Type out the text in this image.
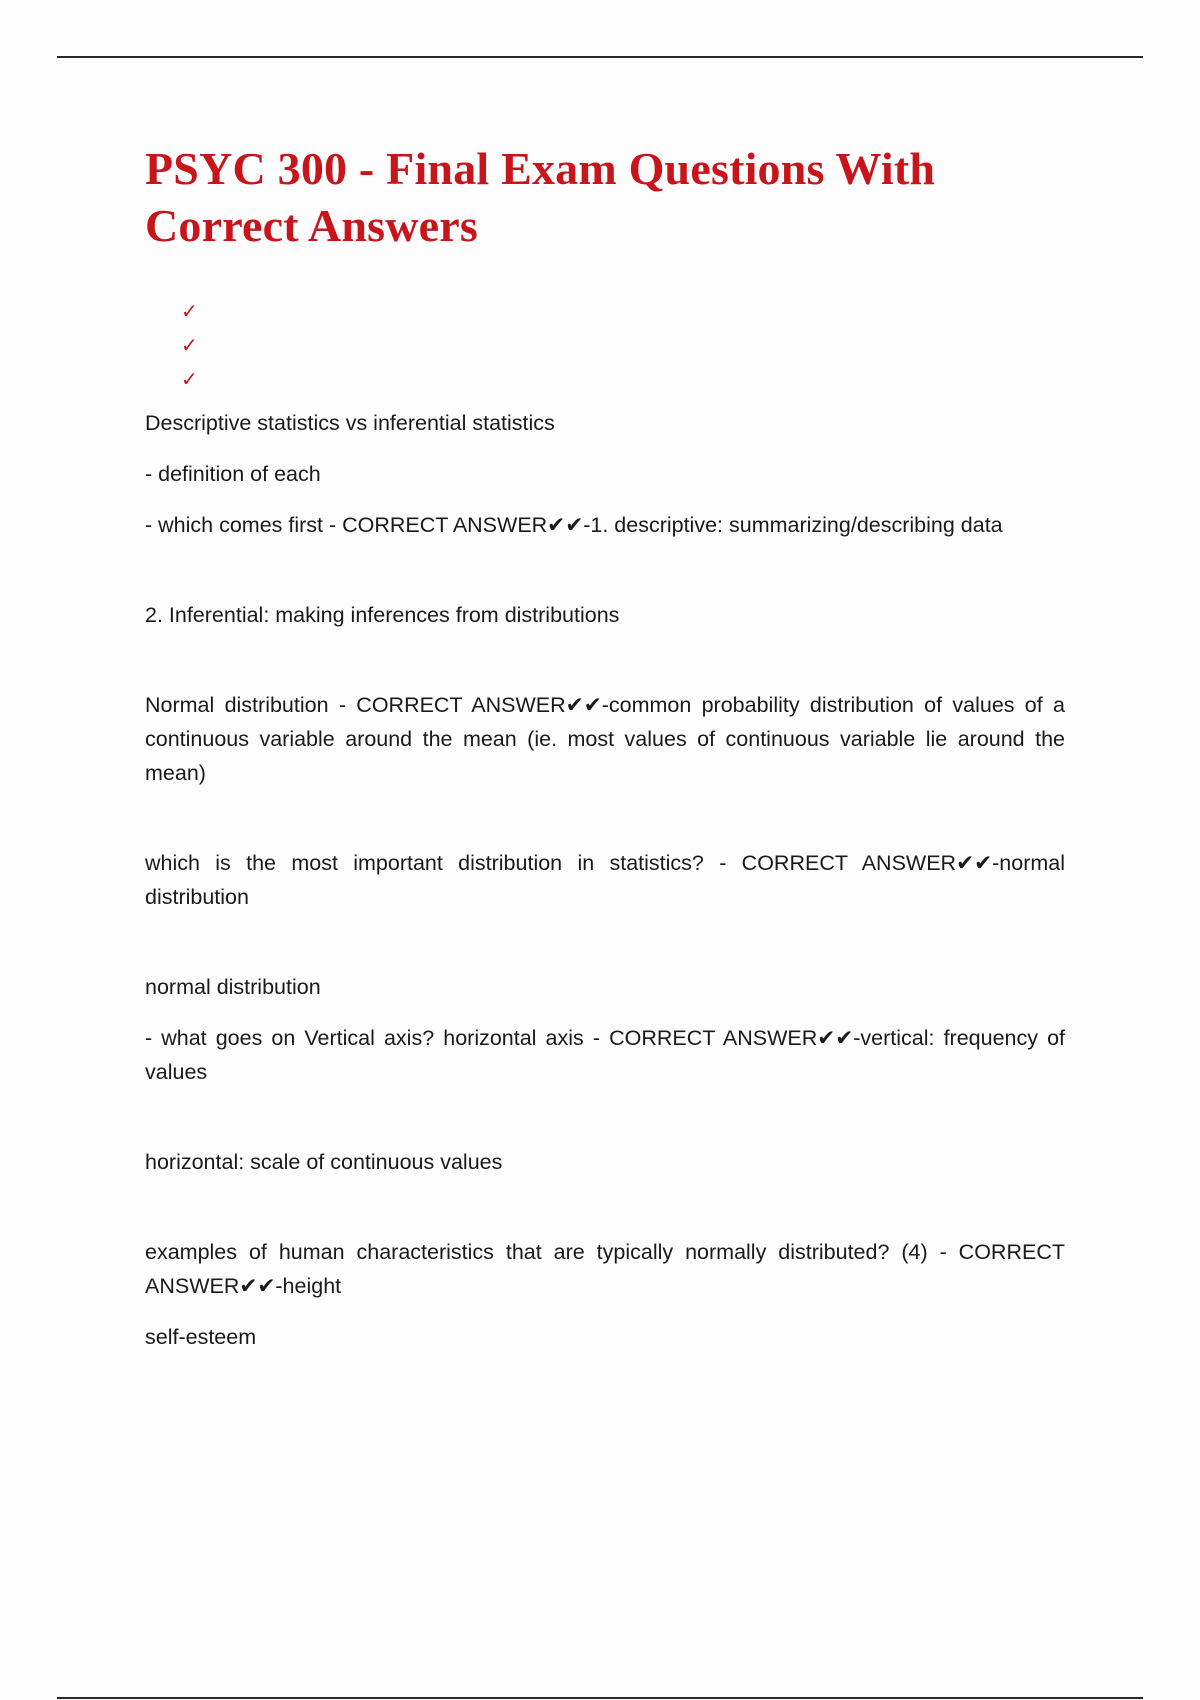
PSYC 300 - Final Exam Questions With Correct Answers
✓
✓
✓

Descriptive statistics vs inferential statistics

- definition of each

- which comes first - CORRECT ANSWER✔✔-1. descriptive: summarizing/describing data

2. Inferential: making inferences from distributions

Normal distribution - CORRECT ANSWER✔✔-common probability distribution of values of a continuous variable around the mean (ie. most values of continuous variable lie around the mean)

which is the most important distribution in statistics? - CORRECT ANSWER✔✔-normal distribution

normal distribution

- what goes on Vertical axis? horizontal axis - CORRECT ANSWER✔✔-vertical: frequency of values

horizontal: scale of continuous values

examples of human characteristics that are typically normally distributed? (4) - CORRECT ANSWER✔✔-height

self-esteem
